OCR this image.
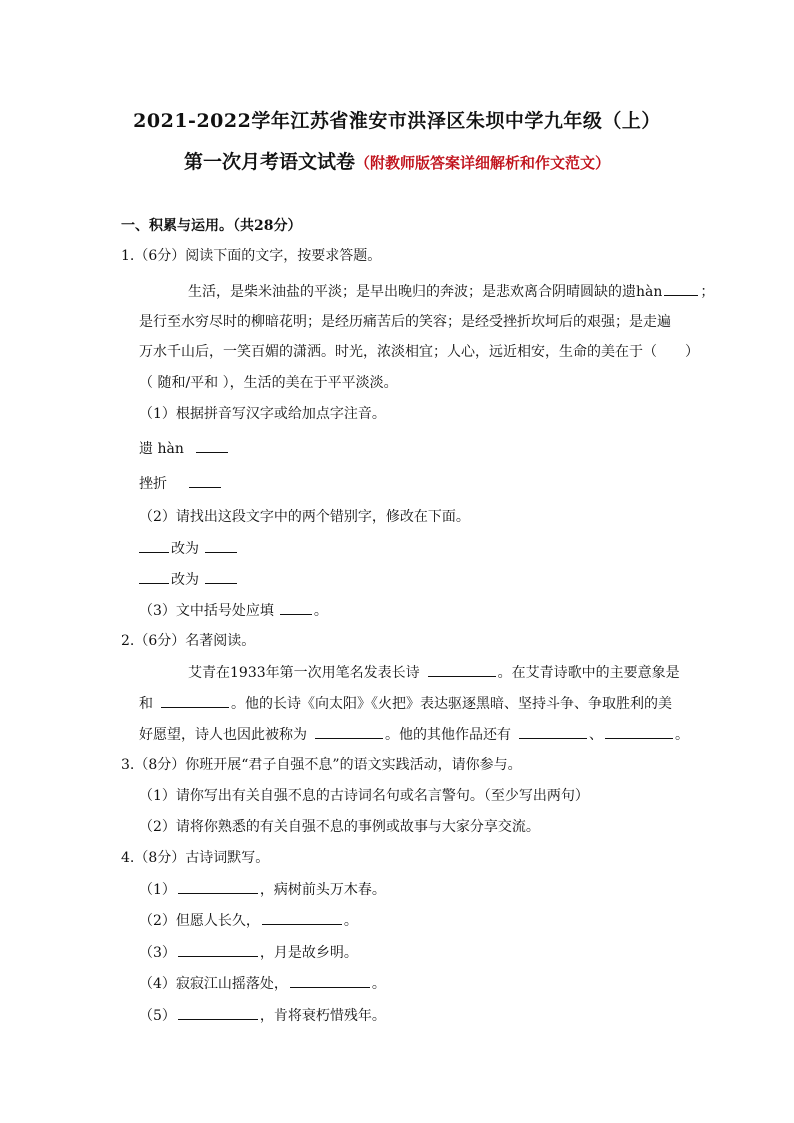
2021-2022学年江苏省淮安市洪泽区朱坝中学九年级（上）
第一次月考语文试卷（附教师版答案详细解析和作文范文）
一、积累与运用。（共28分）
1.（6分）阅读下面的文字，按要求答题。
生活，是柴米油盐的平淡；是早出晚归的奔波；是悲欢离合阴晴圆缺的遗hàn	；
是行至水穷尽时的柳暗花明；是经历痛苦后的笑容；是经受挫折坎坷后的艰强；是走遍
万水千山后，一笑百媚的潇洒。时光，浓淡相宜；人心，远近相安，生命的美在于（　　）
（ 随和/平和 ），生活的美在于平平淡淡。
（1）根据拼音写汉字或给加点字注音。
遗 hàn
挫折
（2）请找出这段文字中的两个错别字，修改在下面。
改为
改为
（3）文中括号处应填	。
2.（6分）名著阅读。
艾青在1933年第一次用笔名发表长诗	。在艾青诗歌中的主要意象是
和	。他的长诗《向太阳》《火把》表达驱逐黑暗、坚持斗争、争取胜利的美
好愿望，诗人也因此被称为	。他的其他作品还有	、	。
3.（8分）你班开展“君子自强不息”的语文实践活动，请你参与。
（1）请你写出有关自强不息的古诗词名句或名言警句。（至少写出两句）
（2）请将你熟悉的有关自强不息的事例或故事与大家分享交流。
4.（8分）古诗词默写。
（1）	，病树前头万木春。
（2）但愿人长久，	。
（3）	，月是故乡明。
（4）寂寂江山摇落处，	。
（5）	，肯将衰朽惜残年。
